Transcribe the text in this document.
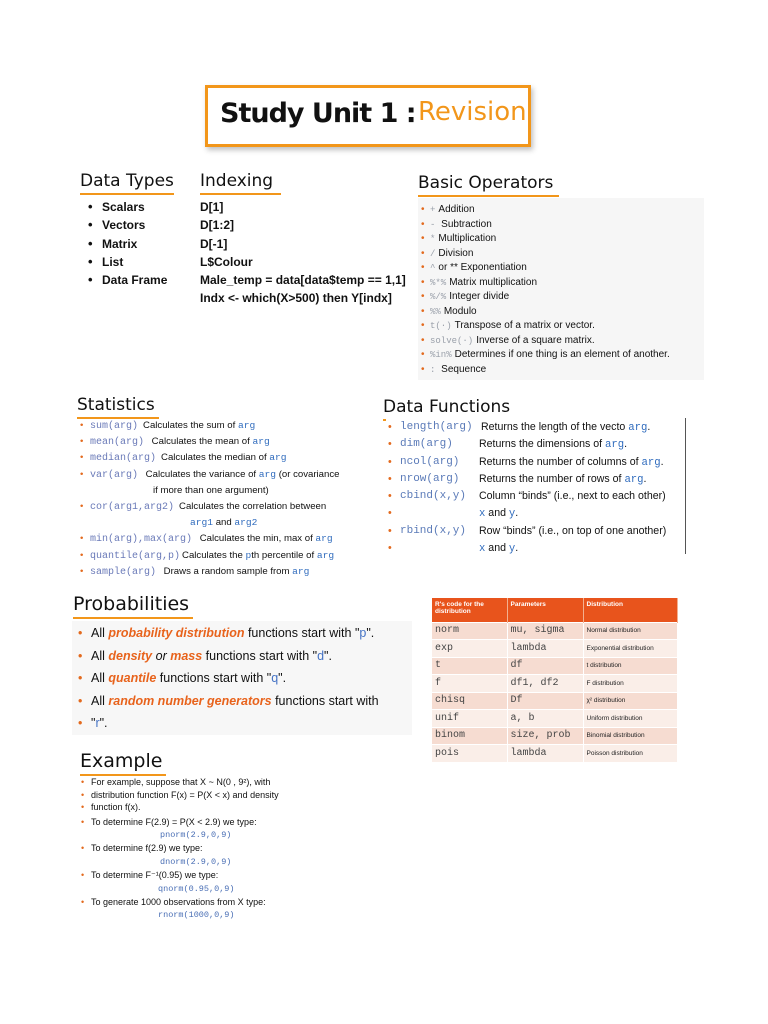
Study Unit 1 : Revision
Data Types
• Scalars
• Vectors
• Matrix
• List
• Data Frame
Indexing
D[1]
D[1:2]
D[-1]
L$Colour
Male_temp = data[data$temp == 1,1]
Indx <- which(X>500) then Y[indx]
Basic Operators
• + Addition
• - Subtraction
• * Multiplication
• / Division
• ^ or ** Exponentiation
• %*% Matrix multiplication
• %/% Integer divide
• %% Modulo
• t(·) Transpose of a matrix or vector.
• solve(·) Inverse of a square matrix.
• %in% Determines if one thing is an element of another.
• : Sequence
Statistics
• sum(arg) Calculates the sum of arg
• mean(arg) Calculates the mean of arg
• median(arg) Calculates the median of arg
• var(arg) Calculates the variance of arg (or covariance
if more than one argument)
• cor(arg1,arg2) Calculates the correlation between
arg1 and arg2
• min(arg),max(arg) Calculates the min, max of arg
• quantile(arg,p) Calculates the pth percentile of arg
• sample(arg) Draws a random sample from arg
Data Functions
• length(arg) Returns the length of the vecto arg.
• dim(arg) Returns the dimensions of arg.
• ncol(arg) Returns the number of columns of arg.
• nrow(arg) Returns the number of rows of arg.
• cbind(x,y) Column “binds” (i.e., next to each other)
• x and y.
• rbind(x,y) Row “binds” (i.e., on top of one another)
• x and y.
Probabilities
• All probability distribution functions start with "p".
• All density or mass functions start with "d".
• All quantile functions start with "q".
• All random number generators functions start with
• "r".
R's code for the distribution	Parameters	Distribution
norm	mu, sigma	Normal distribution
exp	lambda	Exponential distribution
t	df	t distribution
f	df1, df2	F distribution
chisq	Df	χ² distribution
unif	a, b	Uniform distribution
binom	size, prob	Binomial distribution
pois	lambda	Poisson distribution
Example
• For example, suppose that X ~ N(0 , 9²), with
• distribution function F(x) = P(X < x) and density
• function f(x).
• To determine F(2.9) = P(X < 2.9) we type:
pnorm(2.9,0,9)
• To determine f(2.9) we type:
dnorm(2.9,0,9)
• To determine F⁻¹(0.95) we type:
qnorm(0.95,0,9)
• To generate 1000 observations from X type:
rnorm(1000,0,9)
